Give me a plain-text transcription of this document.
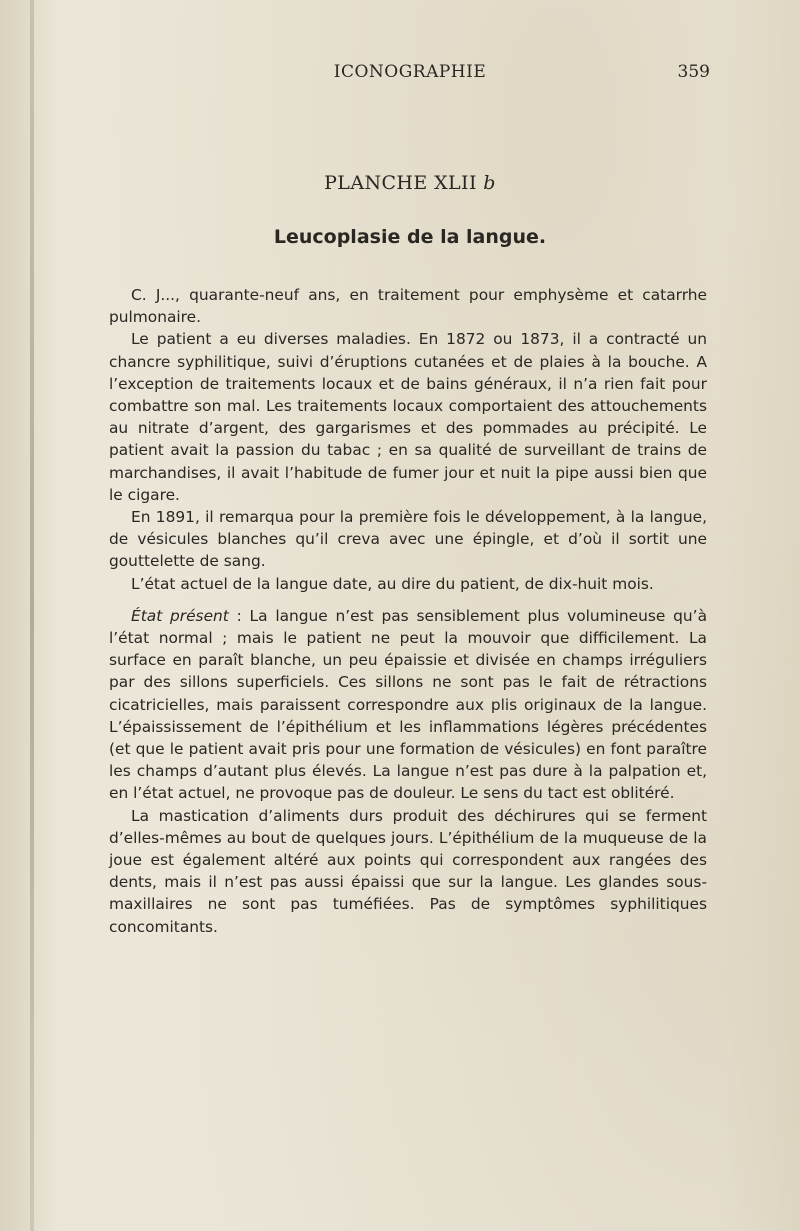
ICONOGRAPHIE	359
PLANCHE XLII b
Leucoplasie de la langue.

C. J..., quarante-neuf ans, en traitement pour emphysème et catarrhe pulmonaire.

Le patient a eu diverses maladies. En 1872 ou 1873, il a contracté un chancre syphilitique, suivi d’éruptions cutanées et de plaies à la bouche. A l’exception de traitements locaux et de bains généraux, il n’a rien fait pour combattre son mal. Les traitements locaux comportaient des attouchements au nitrate d’argent, des gargarismes et des pommades au précipité. Le patient avait la passion du tabac ; en sa qualité de surveillant de trains de marchandises, il avait l’habitude de fumer jour et nuit la pipe aussi bien que le cigare.

En 1891, il remarqua pour la première fois le développement, à la langue, de vésicules blanches qu’il creva avec une épingle, et d’où il sortit une gouttelette de sang.

L’état actuel de la langue date, au dire du patient, de dix-huit mois.

État présent : La langue n’est pas sensiblement plus volumineuse qu’à l’état normal ; mais le patient ne peut la mouvoir que difficilement. La surface en paraît blanche, un peu épaissie et divisée en champs irréguliers par des sillons superficiels. Ces sillons ne sont pas le fait de rétractions cicatricielles, mais paraissent correspondre aux plis originaux de la langue. L’épaississement de l’épithélium et les inflammations légères précédentes (et que le patient avait pris pour une formation de vésicules) en font paraître les champs d’autant plus élevés. La langue n’est pas dure à la palpation et, en l’état actuel, ne provoque pas de douleur. Le sens du tact est oblitéré.

La mastication d’aliments durs produit des déchirures qui se ferment d’elles-mêmes au bout de quelques jours. L’épithélium de la muqueuse de la joue est également altéré aux points qui correspondent aux rangées des dents, mais il n’est pas aussi épaissi que sur la langue. Les glandes sous-maxillaires ne sont pas tuméfiées. Pas de symptômes syphilitiques concomitants.
